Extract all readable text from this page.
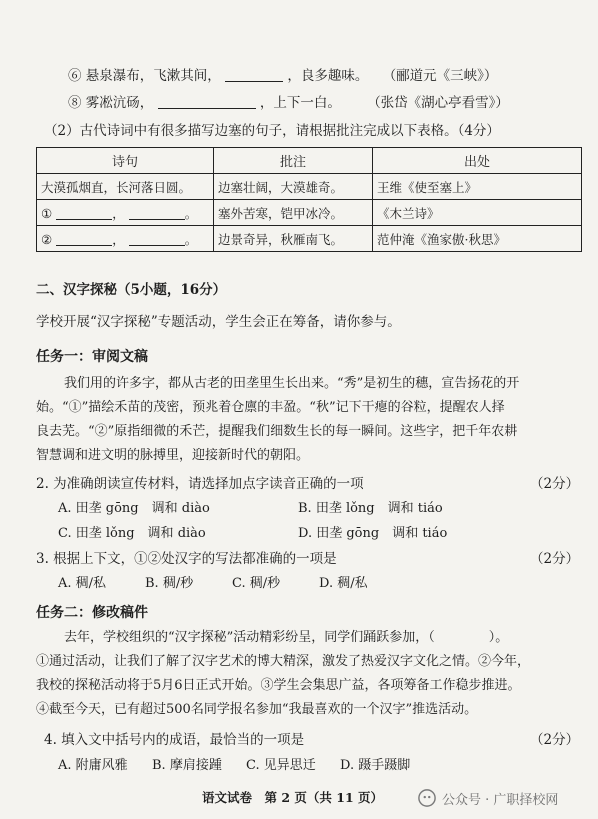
⑥ 悬泉瀑布，飞漱其间，	，良多趣味。 （郦道元《三峡》）
⑧ 雾凇沆砀，	，上下一白。 （张岱《湖心亭看雪》）
（2）古代诗词中有很多描写边塞的句子，请根据批注完成以下表格。（4分）
诗句	批注	出处
大漠孤烟直，长河落日圆。	边塞壮阔，大漠雄奇。	王维《使至塞上》
① ， 。	塞外苦寒，铠甲冰冷。	《木兰诗》
② ， 。	边景奇异，秋雁南飞。	范仲淹《渔家傲·秋思》
二、汉字探秘（5小题，16分）
学校开展“汉字探秘”专题活动，学生会正在筹备，请你参与。
任务一：审阅文稿
我们用的许多字，都从古老的田垄里生长出来。“秀”是初生的穗，宣告扬花的开
始。“①”描绘禾苗的茂密，预兆着仓廪的丰盈。“秋”记下干瘪的谷粒，提醒农人择
良去芜。“②”原指细微的禾芒，提醒我们细数生长的每一瞬间。这些字，把千年农耕
智慧调和进文明的脉搏里，迎接新时代的朝阳。
2. 为准确朗读宣传材料，请选择加点字读音正确的一项	（2分）
A. 田垄 gōng　调和 diào	B. 田垄 lǒng　调和 tiáo
C. 田垄 lǒng　调和 diào	D. 田垄 gōng　调和 tiáo
3. 根据上下文，①②处汉字的写法都准确的一项是	（2分）
A. 稠/私	B. 稠/秒	C. 稠/秒	D. 稠/私
任务二：修改稿件
去年，学校组织的“汉字探秘”活动精彩纷呈，同学们踊跃参加，（	）。
①通过活动，让我们了解了汉字艺术的博大精深，激发了热爱汉字文化之情。②今年，
我校的探秘活动将于5月6日正式开始。③学生会集思广益，各项筹备工作稳步推进。
④截至今天，已有超过500名同学报名参加“我最喜欢的一个汉字”推选活动。
4. 填入文中括号内的成语，最恰当的一项是	（2分）
A. 附庸风雅 B. 摩肩接踵 C. 见异思迁 D. 蹑手蹑脚
语文试卷　第 2 页（共 11 页）	公众号 · 广职择校网
